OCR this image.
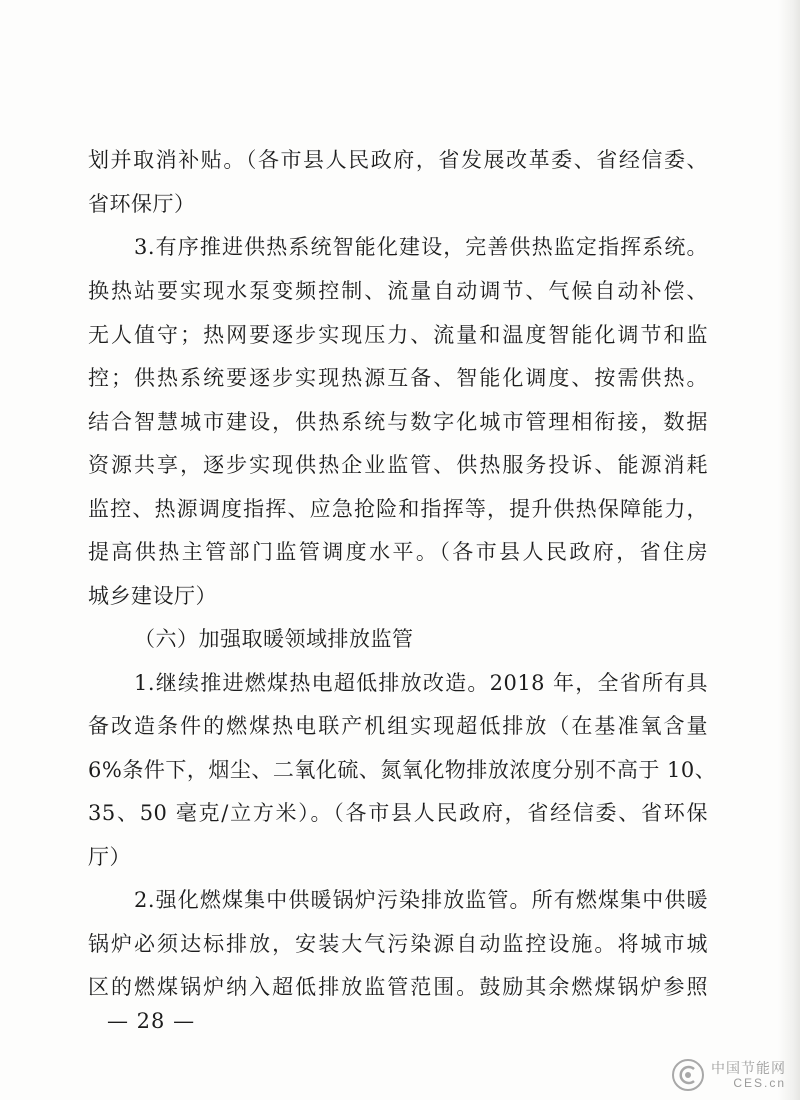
划并取消补贴。（各市县人民政府，省发展改革委、省经信委、
省环保厅）
3.有序推进供热系统智能化建设，完善供热监定指挥系统。
换热站要实现水泵变频控制、流量自动调节、气候自动补偿、
无人值守；热网要逐步实现压力、流量和温度智能化调节和监
控；供热系统要逐步实现热源互备、智能化调度、按需供热。
结合智慧城市建设，供热系统与数字化城市管理相衔接，数据
资源共享，逐步实现供热企业监管、供热服务投诉、能源消耗
监控、热源调度指挥、应急抢险和指挥等，提升供热保障能力，
提高供热主管部门监管调度水平。（各市县人民政府，省住房
城乡建设厅）
（六）加强取暖领域排放监管
1.继续推进燃煤热电超低排放改造。2018 年，全省所有具
备改造条件的燃煤热电联产机组实现超低排放（在基准氧含量
6%条件下，烟尘、二氧化硫、氮氧化物排放浓度分别不高于 10、
35、50 毫克/立方米）。（各市县人民政府，省经信委、省环保
厅）
2.强化燃煤集中供暖锅炉污染排放监管。所有燃煤集中供暖
锅炉必须达标排放，安装大气污染源自动监控设施。将城市城
区的燃煤锅炉纳入超低排放监管范围。鼓励其余燃煤锅炉参照
— 28 —
中国节能网
CES.cn
